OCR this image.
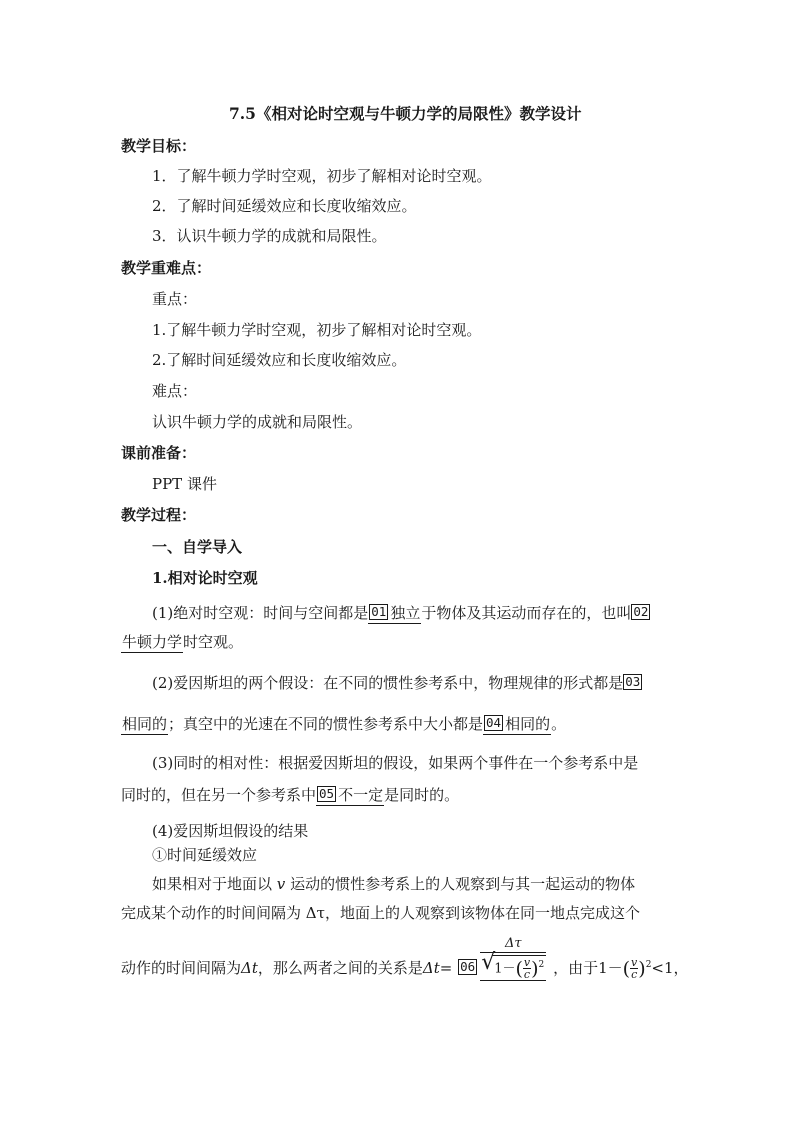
7.5《相对论时空观与牛顿力学的局限性》教学设计
教学目标：
1．了解牛顿力学时空观，初步了解相对论时空观。
2．了解时间延缓效应和长度收缩效应。
3．认识牛顿力学的成就和局限性。
教学重难点：
重点：
1.了解牛顿力学时空观，初步了解相对论时空观。
2.了解时间延缓效应和长度收缩效应。
难点：
认识牛顿力学的成就和局限性。
课前准备：
PPT 课件
教学过程：
一、自学导入
1.相对论时空观
(1)绝对时空观：时间与空间都是 01 独立于物体及其运动而存在的，也叫 02
牛顿力学时空观。
(2)爱因斯坦的两个假设：在不同的惯性参考系中，物理规律的形式都是 03
相同的；真空中的光速在不同的惯性参考系中大小都是 04 相同的。
(3)同时的相对性：根据爱因斯坦的假设，如果两个事件在一个参考系中是
同时的，但在另一个参考系中 05 不一定是同时的。
(4)爱因斯坦假设的结果
①时间延缓效应
如果相对于地面以 v 运动的惯性参考系上的人观察到与其一起运动的物体
完成某个动作的时间间隔为 Δτ，地面上的人观察到该物体在同一地点完成这个
动作的时间间隔为Δt，那么两者之间的关系是Δt= 06 Δτ
√ $1-( \frac{v}{c} )^2$ ，由于$1-( \frac{v}{c} )^2<1$，
